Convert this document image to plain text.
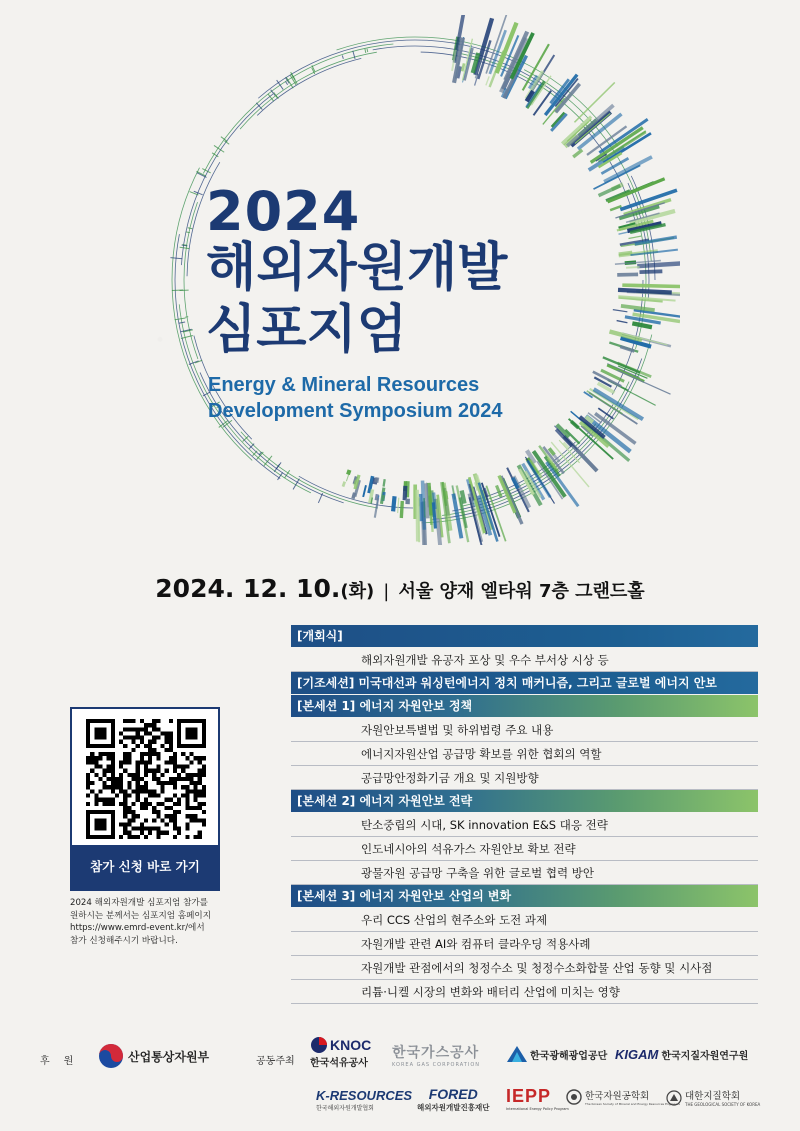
2024
해외자원개발
심포지엄
Energy & Mineral Resources
Development Symposium 2024
2024. 12. 10.(화) | 서울 양재 엘타워 7층 그랜드홀
[개회식]
해외자원개발 유공자 포상 및 우수 부서상 시상 등
[기조세션] 미국대선과 워싱턴에너지 정치 매커니즘, 그리고 글로벌 에너지 안보
[본세션 1] 에너지 자원안보 정책
자원안보특별법 및 하위법령 주요 내용
에너지자원산업 공급망 확보를 위한 협회의 역할
공급망안정화기금 개요 및 지원방향
[본세션 2] 에너지 자원안보 전략
탄소중립의 시대, SK innovation E&S 대응 전략
인도네시아의 석유가스 자원안보 확보 전략
광물자원 공급망 구축을 위한 글로벌 협력 방안
[본세션 3] 에너지 자원안보 산업의 변화
우리 CCS 산업의 현주소와 도전 과제
자원개발 관련 AI와 컴퓨터 클라우딩 적용사례
자원개발 관점에서의 청정수소 및 청정수소화합물 산업 동향 및 시사점
리튬·니켈 시장의 변화와 배터리 산업에 미치는 영향
참가 신청 바로 가기
2024 해외자원개발 심포지엄 참가를
원하시는 분께서는 심포지엄 홈페이지
https://www.emrd-event.kr/에서
참가 신청해주시기 바랍니다.
후원	공동주최
산업통상자원부
KNOC
한국석유공사
한국가스공사
KOREA GAS CORPORATION
한국광해광업공단 KIGAM 한국지질자원연구원
K-RESOURCES
한국해외자원개발협회
FORED
해외자원개발진흥재단
IEPP
International Energy Policy Program
한국자원공학회
The Korean Society of Mineral and Energy Resources Engineers
대한지질학회
THE GEOLOGICAL SOCIETY OF KOREA
